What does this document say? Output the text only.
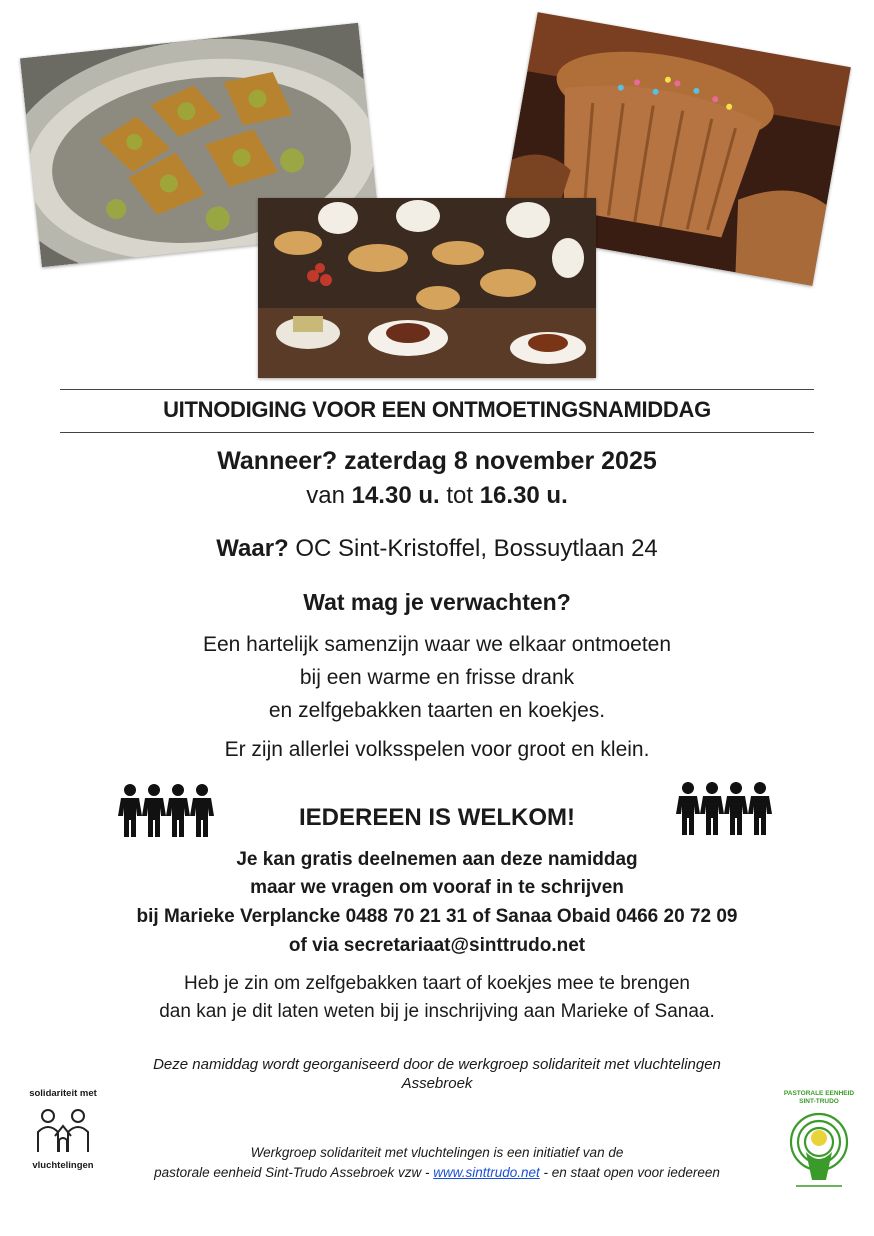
UITNODIGING VOOR EEN ONTMOETINGSNAMIDDAG
Wanneer? zaterdag 8 november 2025
van 14.30 u. tot 16.30 u.
Waar? OC Sint-Kristoffel, Bossuytlaan 24
Wat mag je verwachten?
Een hartelijk samenzijn waar we elkaar ontmoeten
bij een warme en frisse drank
en zelfgebakken taarten en koekjes.
Er zijn allerlei volksspelen voor groot en klein.
IEDEREEN IS WELKOM!
Je kan gratis deelnemen aan deze namiddag
maar we vragen om vooraf in te schrijven
bij Marieke Verplancke 0488 70 21 31 of Sanaa Obaid 0466 20 72 09
of via secretariaat@sinttrudo.net
Heb je zin om zelfgebakken taart of koekjes mee te brengen
dan kan je dit laten weten bij je inschrijving aan Marieke of Sanaa.
Deze namiddag wordt georganiseerd door de werkgroep solidariteit met vluchtelingen
Assebroek
Werkgroep solidariteit met vluchtelingen is een initiatief van de
pastorale eenheid Sint-Trudo Assebroek vzw - www.sinttrudo.net - en staat open voor iedereen
solidariteit met
vluchtelingen
PASTORALE EENHEID SINT-TRUDO
